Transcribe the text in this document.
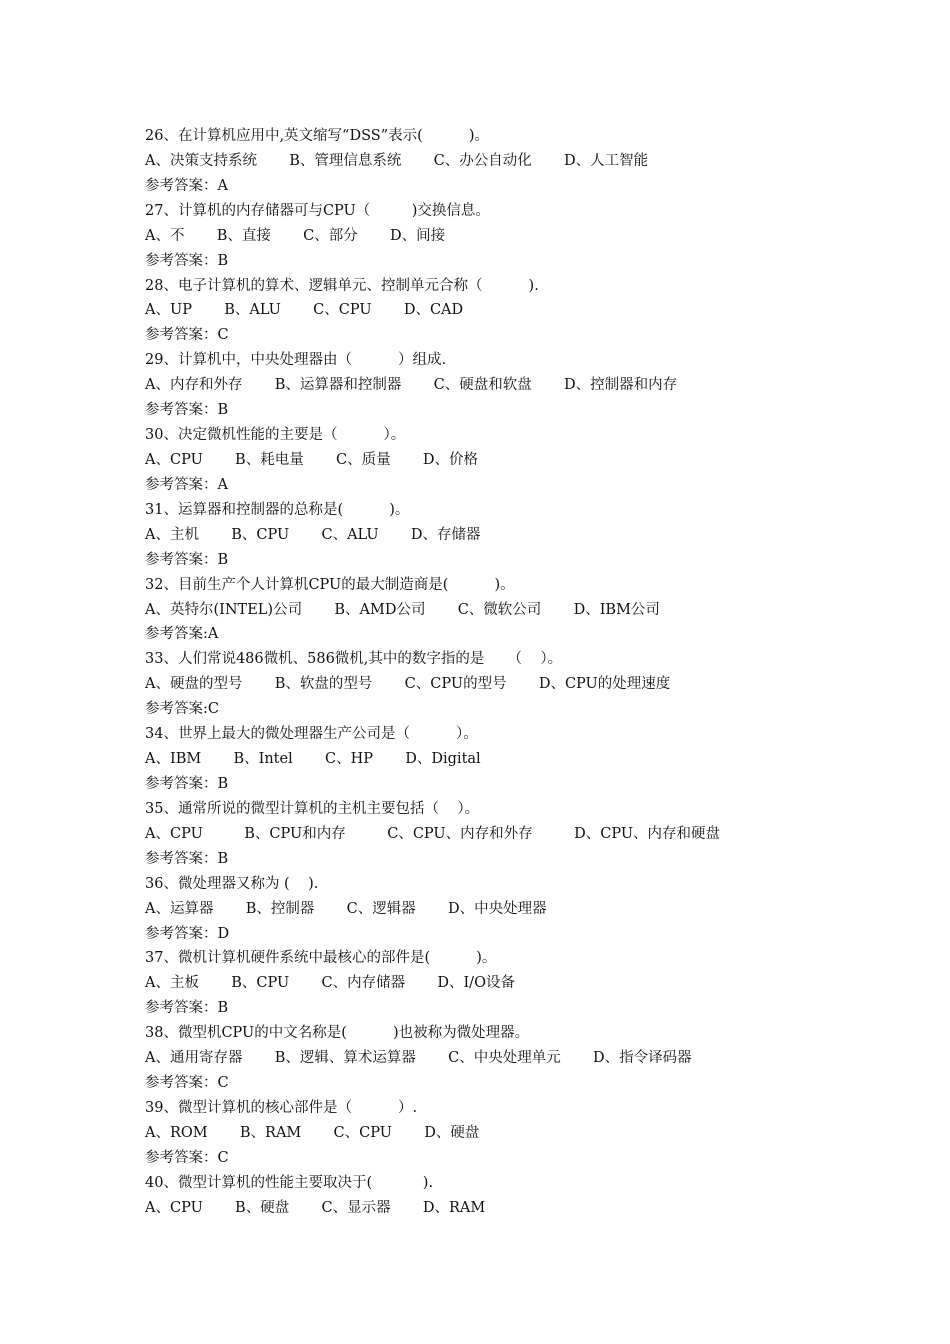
26、在计算机应用中,英文缩写“DSS”表示(          )。
A、决策支持系统       B、管理信息系统       C、办公自动化       D、人工智能
参考答案：A
27、计算机的内存储器可与CPU（         )交换信息。
A、不       B、直接       C、部分       D、间接
参考答案：B
28、电子计算机的算术、逻辑单元、控制单元合称（          ).
A、UP       B、ALU       C、CPU       D、CAD
参考答案：C
29、计算机中，中央处理器由（          ）组成.
A、内存和外存       B、运算器和控制器       C、硬盘和软盘       D、控制器和内存
参考答案：B
30、决定微机性能的主要是（          ）。
A、CPU       B、耗电量       C、质量       D、价格
参考答案：A
31、运算器和控制器的总称是(          )。
A、主机       B、CPU       C、ALU       D、存储器
参考答案：B
32、目前生产个人计算机CPU的最大制造商是(          )。
A、英特尔(INTEL)公司       B、AMD公司       C、微软公司       D、IBM公司
参考答案:A
33、人们常说486微机、586微机,其中的数字指的是     （    ）。
A、硬盘的型号       B、软盘的型号       C、CPU的型号       D、CPU的处理速度
参考答案:C
34、世界上最大的微处理器生产公司是（          ）。
A、IBM       B、Intel       C、HP       D、Digital
参考答案：B
35、通常所说的微型计算机的主机主要包括（    ）。
A、CPU         B、CPU和内存         C、CPU、内存和外存         D、CPU、内存和硬盘
参考答案：B
36、微处理器又称为 (    ).
A、运算器       B、控制器       C、逻辑器       D、中央处理器
参考答案：D
37、微机计算机硬件系统中最核心的部件是(          )。
A、主板       B、CPU       C、内存储器       D、I/O设备
参考答案：B
38、微型机CPU的中文名称是(          )也被称为微处理器。
A、通用寄存器       B、逻辑、算术运算器       C、中央处理单元       D、指令译码器
参考答案：C
39、微型计算机的核心部件是（          ）.
A、ROM       B、RAM       C、CPU       D、硬盘
参考答案：C
40、微型计算机的性能主要取决于(           ).
A、CPU       B、硬盘       C、显示器       D、RAM
